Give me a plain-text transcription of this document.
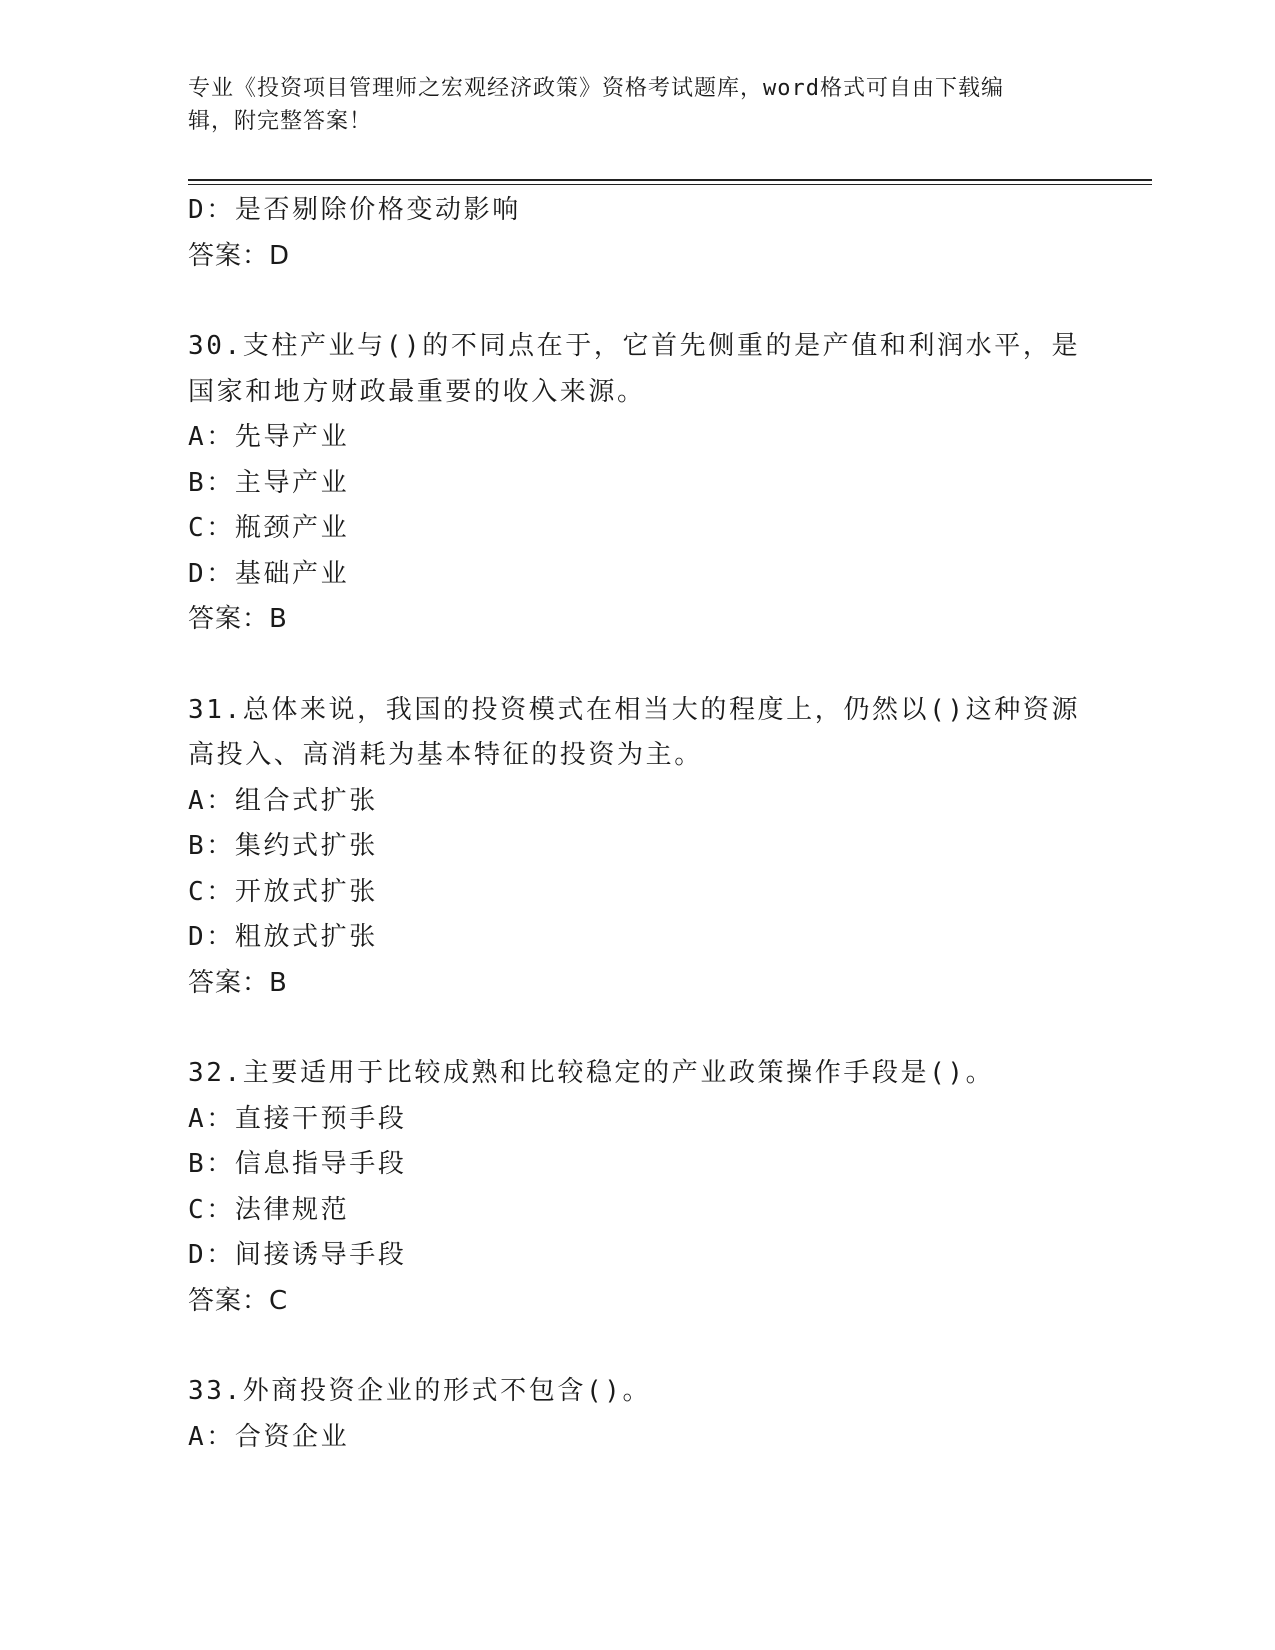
专业《投资项目管理师之宏观经济政策》资格考试题库，word格式可自由下载编
辑，附完整答案！
D：是否剔除价格变动影响
答案：D
30.支柱产业与()的不同点在于，它首先侧重的是产值和利润水平，是
国家和地方财政最重要的收入来源。
A：先导产业
B：主导产业
C：瓶颈产业
D：基础产业
答案：B
31.总体来说，我国的投资模式在相当大的程度上，仍然以()这种资源
高投入、高消耗为基本特征的投资为主。
A：组合式扩张
B：集约式扩张
C：开放式扩张
D：粗放式扩张
答案：B
32.主要适用于比较成熟和比较稳定的产业政策操作手段是()。
A：直接干预手段
B：信息指导手段
C：法律规范
D：间接诱导手段
答案：C
33.外商投资企业的形式不包含()。
A：合资企业
